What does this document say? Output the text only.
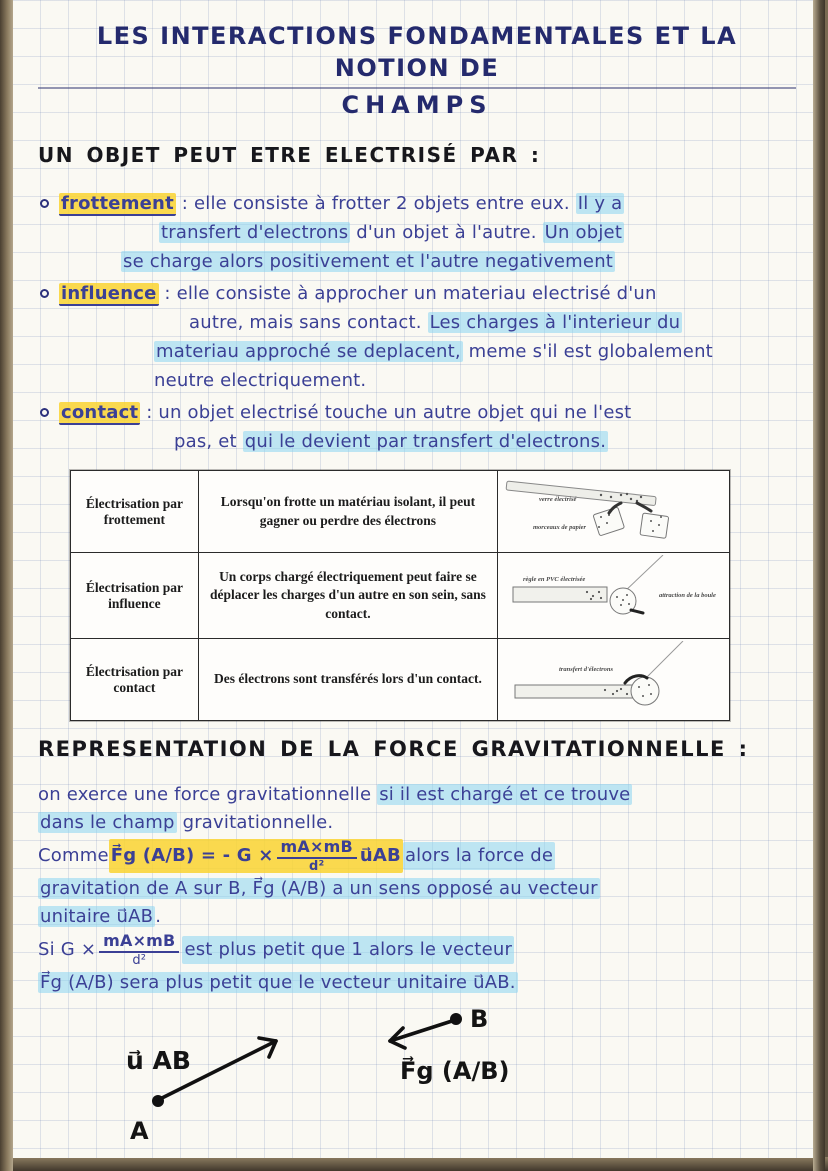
LES INTERACTIONS FONDAMENTALES ET LA NOTION DE
CHAMPS
UN OBJET PEUT ETRE ELECTRISÉ PAR :
frottement : elle consiste à frotter 2 objets entre eux. Il y a
transfert d'electrons d'un objet à l'autre. Un objet
se charge alors positivement et l'autre negativement
influence : elle consiste à approcher un materiau electrisé d'un
autre, mais sans contact. Les charges à l'interieur du
materiau approché se deplacent, meme s'il est globalement
neutre electriquement.
contact : un objet electrisé touche un autre objet qui ne l'est
pas, et qui le devient par transfert d'electrons.
Électrisation par frottement	Lorsqu'on frotte un matériau isolant, il peut gagner ou perdre des électrons	verre électrisé
morceaux de papier

Électrisation par influence	Un corps chargé électriquement peut faire se déplacer les charges d'un autre en son sein, sans contact.	règle en PVC électrisée
attraction de la boule

Électrisation par contact	Des électrons sont transférés lors d'un contact.	transfert d'électrons
REPRESENTATION DE LA FORCE GRAVITATIONNELLE :
on exerce une force gravitationnelle si il est chargé et ce trouve
dans le champ gravitationnelle.
Comme F⃗g (A/B) = - $G \times \frac{mA\times mB}{\text{d²}}$ u⃗AB alors la force de
gravitation de A sur B, F⃗g (A/B) a un sens opposé au vecteur
unitaire u⃗AB .
Si $G \times \frac{mA\times mB}{\text{d²}}$ est plus petit que 1 alors le vecteur
F⃗g (A/B) sera plus petit que le vecteur unitaire u⃗AB.
u⃗ AB
A
B
F⃗g (A/B)
